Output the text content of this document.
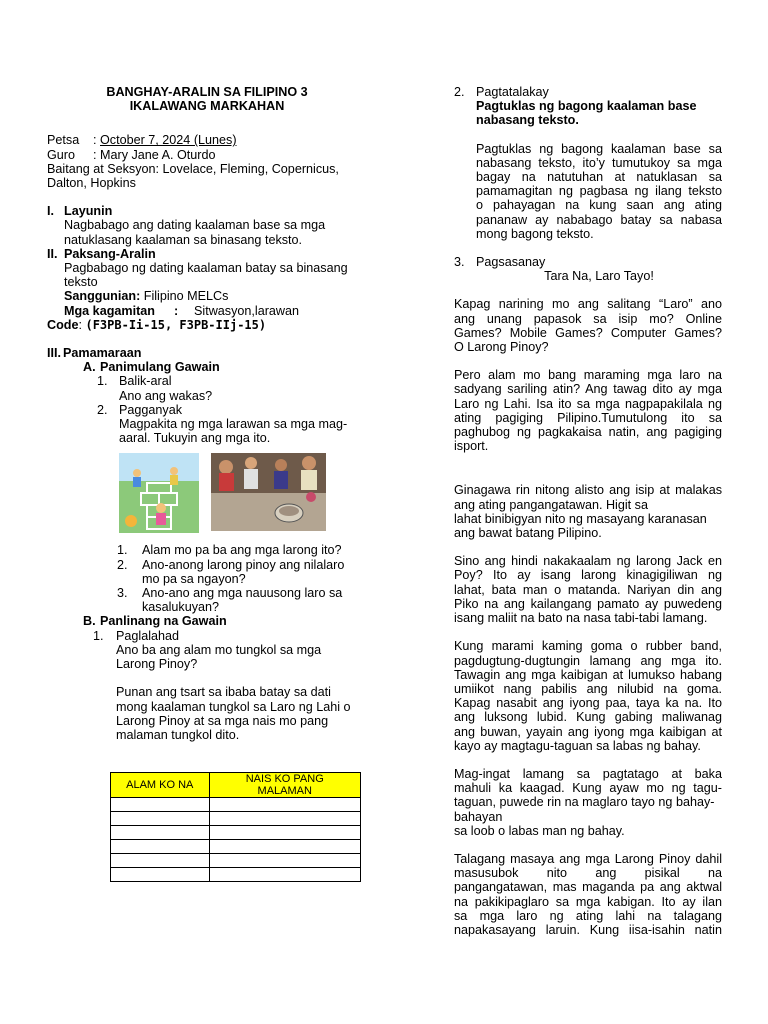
BANGHAY-ARALIN SA FILIPINO 3
IKALAWANG MARKAHAN
Petsa	: October 7, 2024 (Lunes)
Guro	: Mary Jane A. Oturdo
Baitang at Seksyon: Lovelace, Fleming, Copernicus,
Dalton, Hopkins
I. Layunin
Nagbabago ang dating kaalaman base sa mga
natuklasang kaalaman sa binasang teksto.
II. Paksang-Aralin
Pagbabago ng dating kaalaman batay sa binasang
teksto
Sanggunian: Filipino MELCs
Mga kagamitan	:	Sitwasyon,larawan
Code: (F3PB-Ii-15, F3PB-IIj-15)
III. Pamamaraan
A. Panimulang Gawain
1. Balik-aral
Ano ang wakas?
2. Pagganyak
Magpakita ng mga larawan sa mga mag-
aaral. Tukuyin ang mga ito.
1.	Alam mo pa ba ang mga larong ito?
2.	Ano-anong larong pinoy ang nilalaro
mo pa sa ngayon?
3.	Ano-ano ang mga nauusong laro sa
kasalukuyan?
B. Panlinang na Gawain
1. Paglalahad
Ano ba ang alam mo tungkol sa mga
Larong Pinoy?
Punan ang tsart sa ibaba batay sa dati
mong kaalaman tungkol sa Laro ng Lahi o
Larong Pinoy at sa mga nais mo pang
malaman tungkol dito.
ALAM KO NA	NAIS KO PANG
MALAMAN

2. Pagtatalakay
Pagtuklas ng bagong kaalaman base
nabasang teksto.
Pagtuklas ng bagong kaalaman base sa
nabasang teksto, ito’y tumutukoy sa mga
bagay na natutuhan at natuklasan sa
pamamagitan ng pagbasa ng ilang teksto
o pahayagan na kung saan ang ating
pananaw ay nababago batay sa nabasa
mong bagong teksto.
3. Pagsasanay
Tara Na, Laro Tayo!
Kapag narining mo ang salitang “Laro” ano
ang unang papasok sa isip mo? Online
Games? Mobile Games? Computer Games?
O Larong Pinoy?
Pero alam mo bang maraming mga laro na
sadyang sariling atin? Ang tawag dito ay mga
Laro ng Lahi. Isa ito sa mga nagpapakilala ng
ating pagiging Pilipino.Tumutulong ito sa
paghubog ng pagkakaisa natin, ang pagiging
isport.
Ginagawa rin nitong alisto ang isip at malakas
ang ating pangangatawan. Higit sa
lahat binibigyan nito ng masayang karanasan
ang bawat batang Pilipino.
Sino ang hindi nakakaalam ng larong Jack en
Poy? Ito ay isang larong kinagigiliwan ng
lahat, bata man o matanda. Nariyan din ang
Piko na ang kailangang pamato ay puwedeng
isang maliit na bato na nasa tabi-tabi lamang.
Kung marami kaming goma o rubber band,
pagdugtung-dugtungin lamang ang mga ito.
Tawagin ang mga kaibigan at lumukso habang
umiikot nang pabilis ang nilubid na goma.
Kapag nasabit ang iyong paa, taya ka na. Ito
ang luksong lubid. Kung gabing maliwanag
ang buwan, yayain ang iyong mga kaibigan at
kayo ay magtagu-taguan sa labas ng bahay.
Mag-ingat lamang sa pagtatago at baka
mahuli ka kaagad. Kung ayaw mo ng tagu-
taguan, puwede rin na maglaro tayo ng bahay-
bahayan
sa loob o labas man ng bahay.
Talagang masaya ang mga Larong Pinoy dahil
masusubok nito ang pisikal na
pangangatawan, mas maganda pa ang aktwal
na pakikipaglaro sa mga kabigan. Ito ay ilan
sa mga laro ng ating lahi na talagang
napakasayang laruin. Kung iisa-isahin natin
